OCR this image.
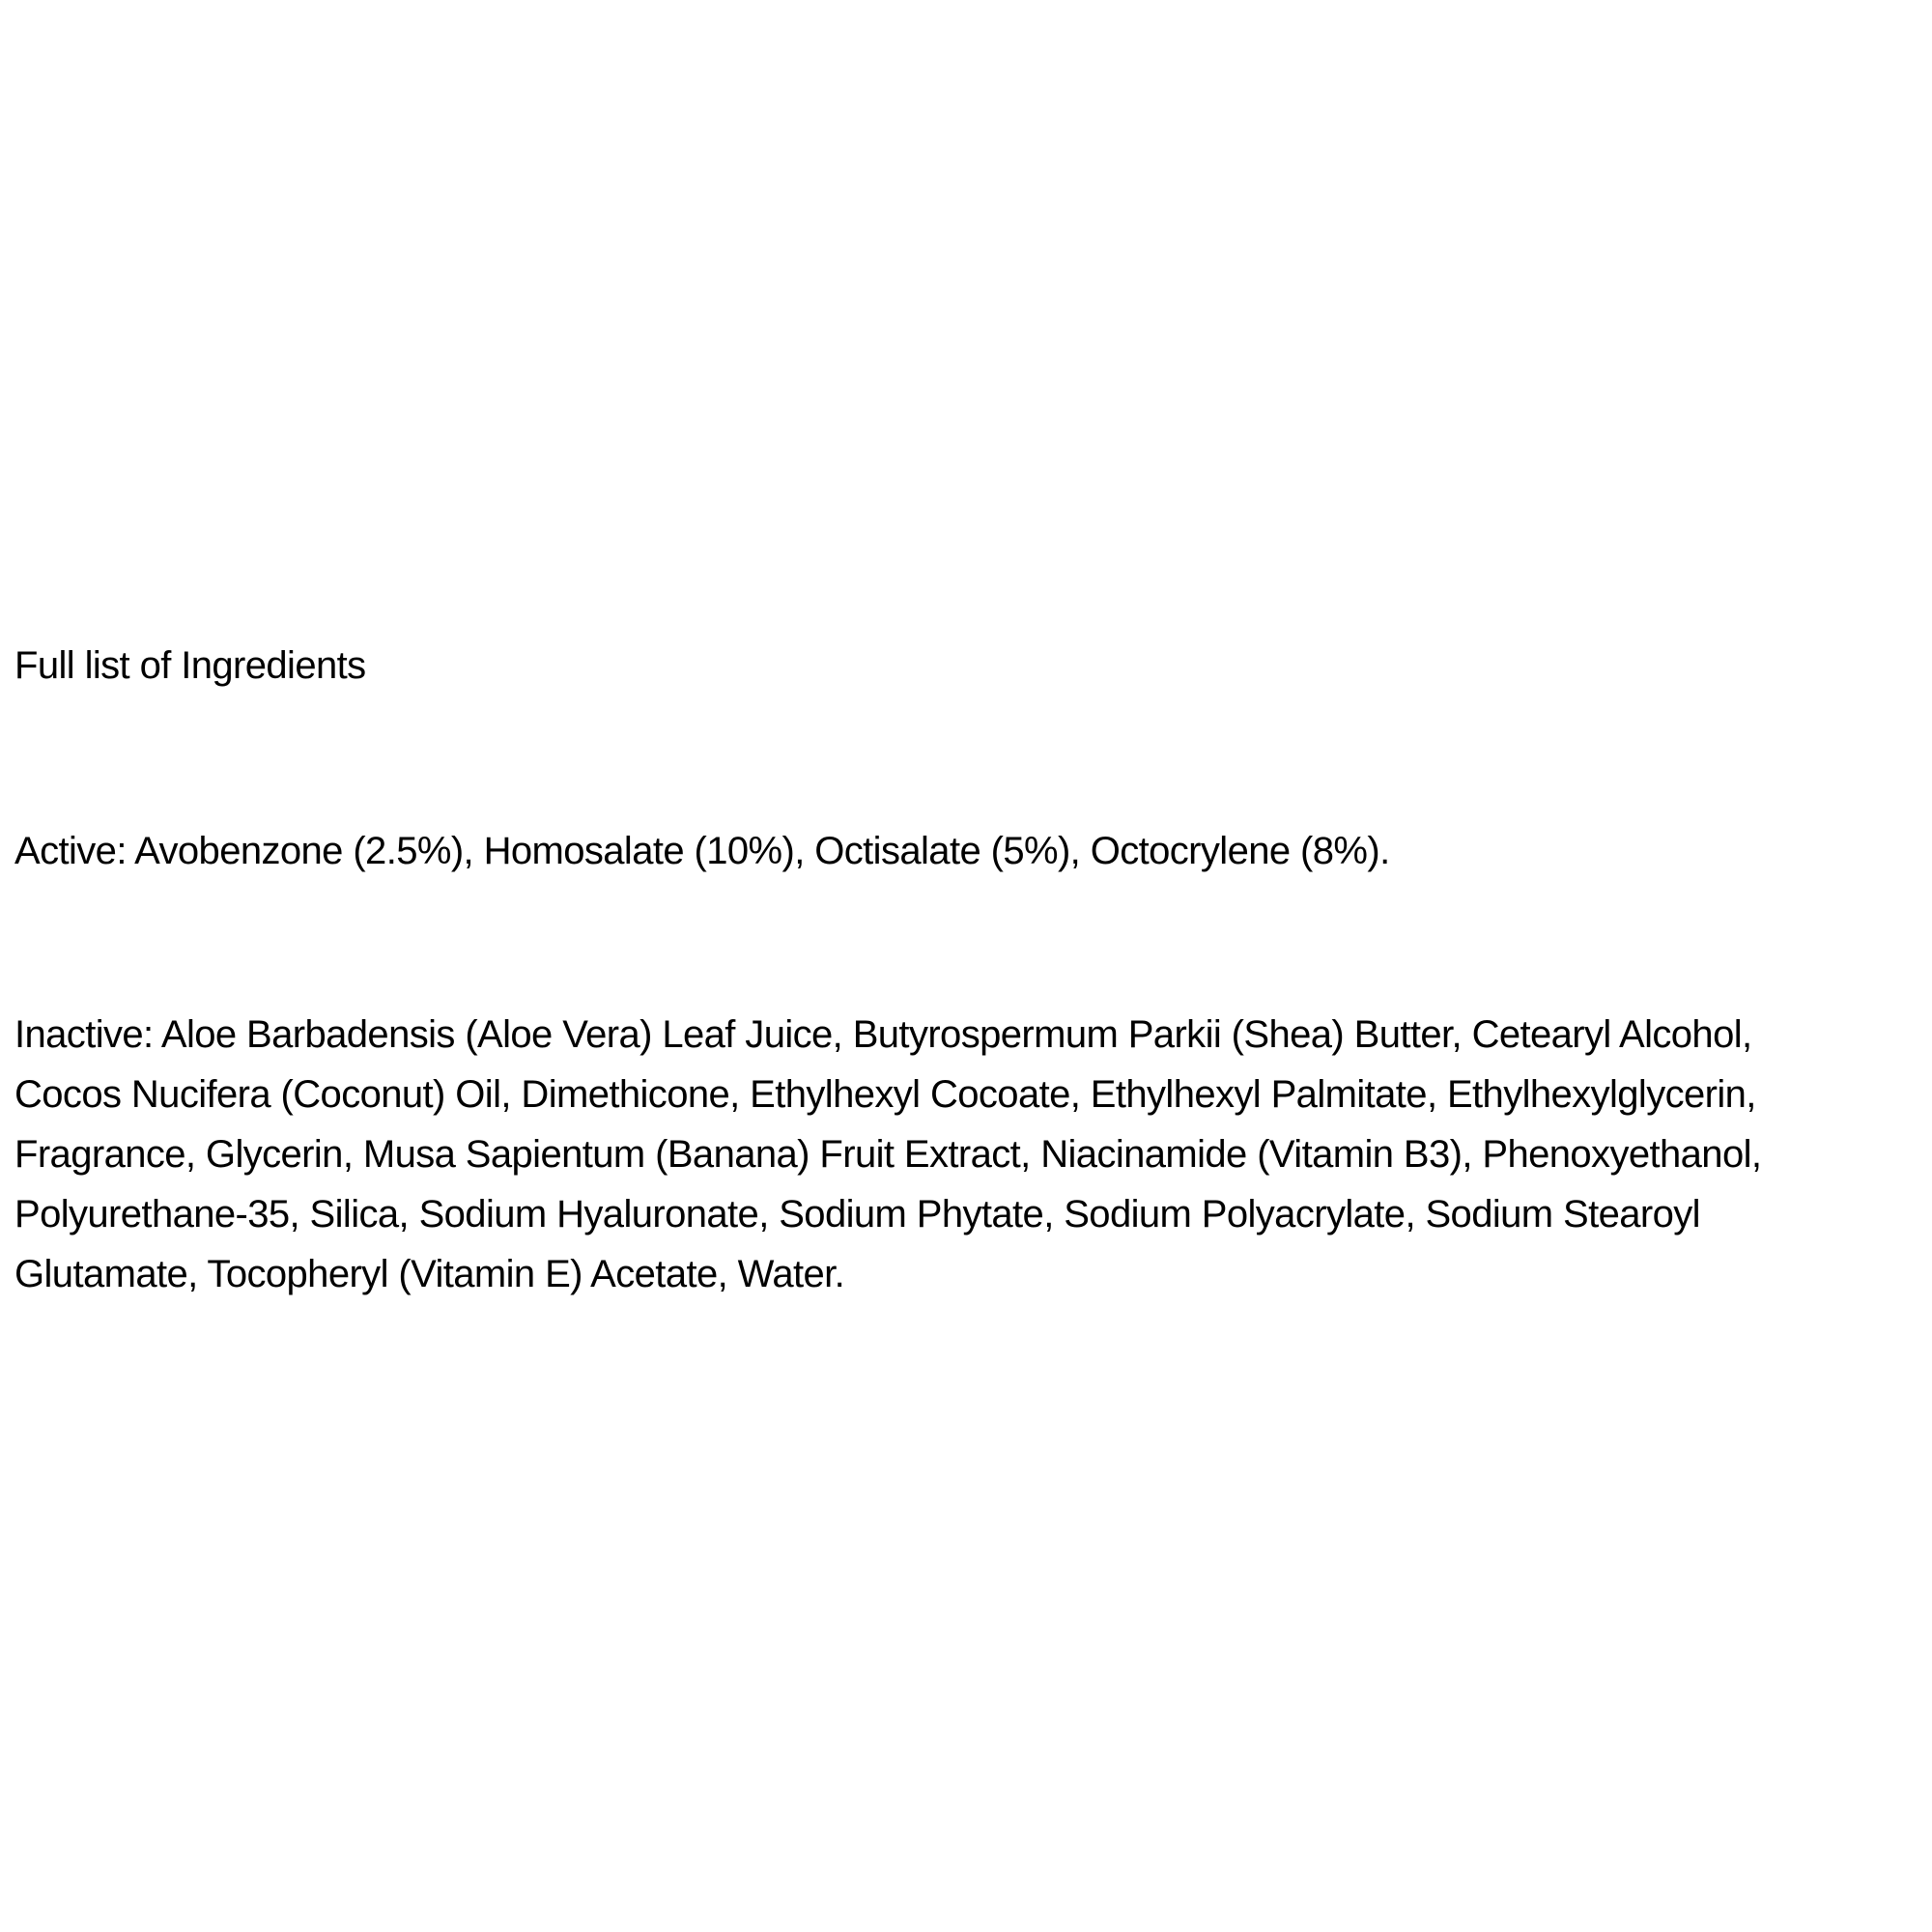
Full list of Ingredients

Active: Avobenzone (2.5%), Homosalate (10%), Octisalate (5%), Octocrylene (8%).

Inactive: Aloe Barbadensis (Aloe Vera) Leaf Juice, Butyrospermum Parkii (Shea) Butter, Cetearyl Alcohol,
Cocos Nucifera (Coconut) Oil, Dimethicone, Ethylhexyl Cocoate, Ethylhexyl Palmitate, Ethylhexylglycerin,
Fragrance, Glycerin, Musa Sapientum (Banana) Fruit Extract, Niacinamide (Vitamin B3), Phenoxyethanol,
Polyurethane-35, Silica, Sodium Hyaluronate, Sodium Phytate, Sodium Polyacrylate, Sodium Stearoyl
Glutamate, Tocopheryl (Vitamin E) Acetate, Water.
